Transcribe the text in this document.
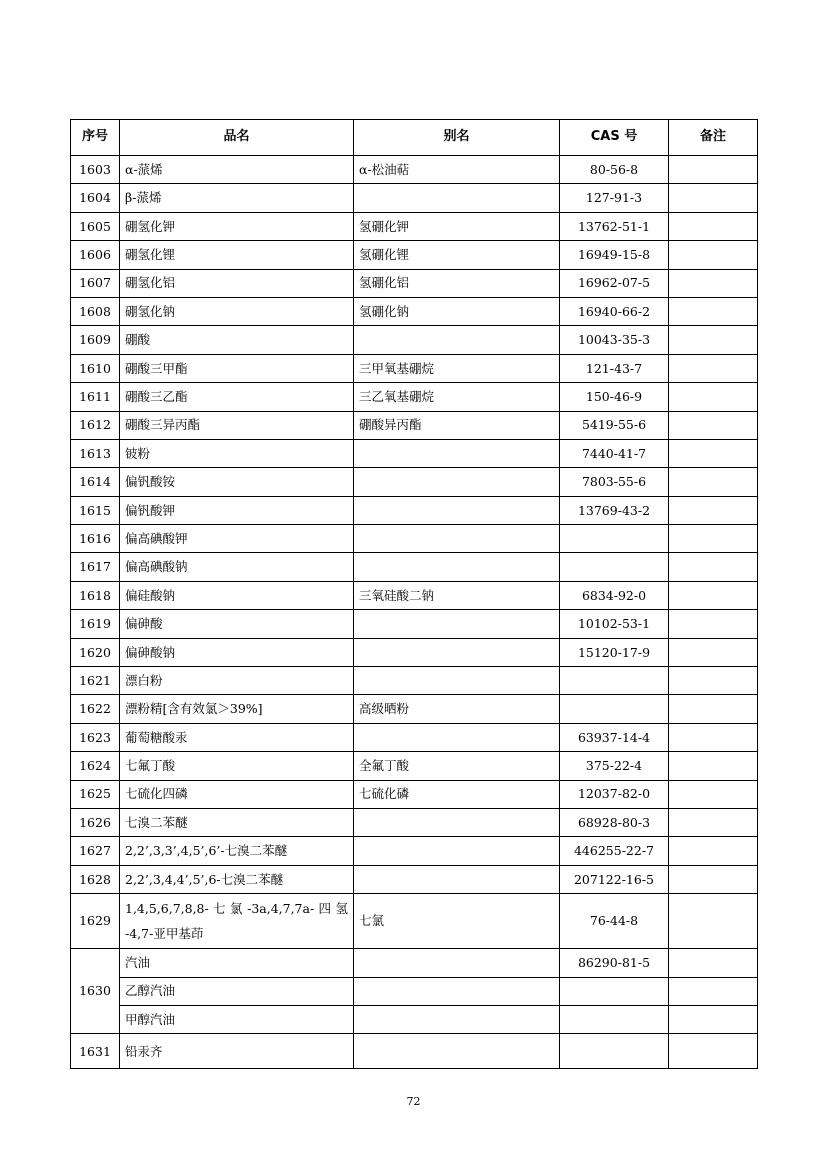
序号	品名	别名	CAS 号	备注
1603	α-蒎烯	α-松油萜	80-56-8	
1604	β-蒎烯		127-91-3	
1605	硼氢化钾	氢硼化钾	13762-51-1	
1606	硼氢化锂	氢硼化锂	16949-15-8	
1607	硼氢化铝	氢硼化铝	16962-07-5	
1608	硼氢化钠	氢硼化钠	16940-66-2	
1609	硼酸		10043-35-3	
1610	硼酸三甲酯	三甲氧基硼烷	121-43-7	
1611	硼酸三乙酯	三乙氧基硼烷	150-46-9	
1612	硼酸三异丙酯	硼酸异丙酯	5419-55-6	
1613	铍粉		7440-41-7	
1614	偏钒酸铵		7803-55-6	
1615	偏钒酸钾		13769-43-2	
1616	偏高碘酸钾			
1617	偏高碘酸钠			
1618	偏硅酸钠	三氧硅酸二钠	6834-92-0	
1619	偏砷酸		10102-53-1	
1620	偏砷酸钠		15120-17-9	
1621	漂白粉			
1622	漂粉精[含有效氯＞39%]	高级晒粉		
1623	葡萄糖酸汞		63937-14-4	
1624	七氟丁酸	全氟丁酸	375-22-4	
1625	七硫化四磷	七硫化磷	12037-82-0	
1626	七溴二苯醚		68928-80-3	
1627	2,2’,3,3’,4,5’,6’-七溴二苯醚		446255-22-7	
1628	2,2’,3,4,4’,5’,6-七溴二苯醚		207122-16-5	
1629	1,4,5,6,7,8,8- 七 氯 -3a,4,7,7a- 四 氢 -4,7-亚甲基茚	七氯	76-44-8	
1630	汽油		86290-81-5	
	乙醇汽油			
	甲醇汽油			
1631	铅汞齐			
72
